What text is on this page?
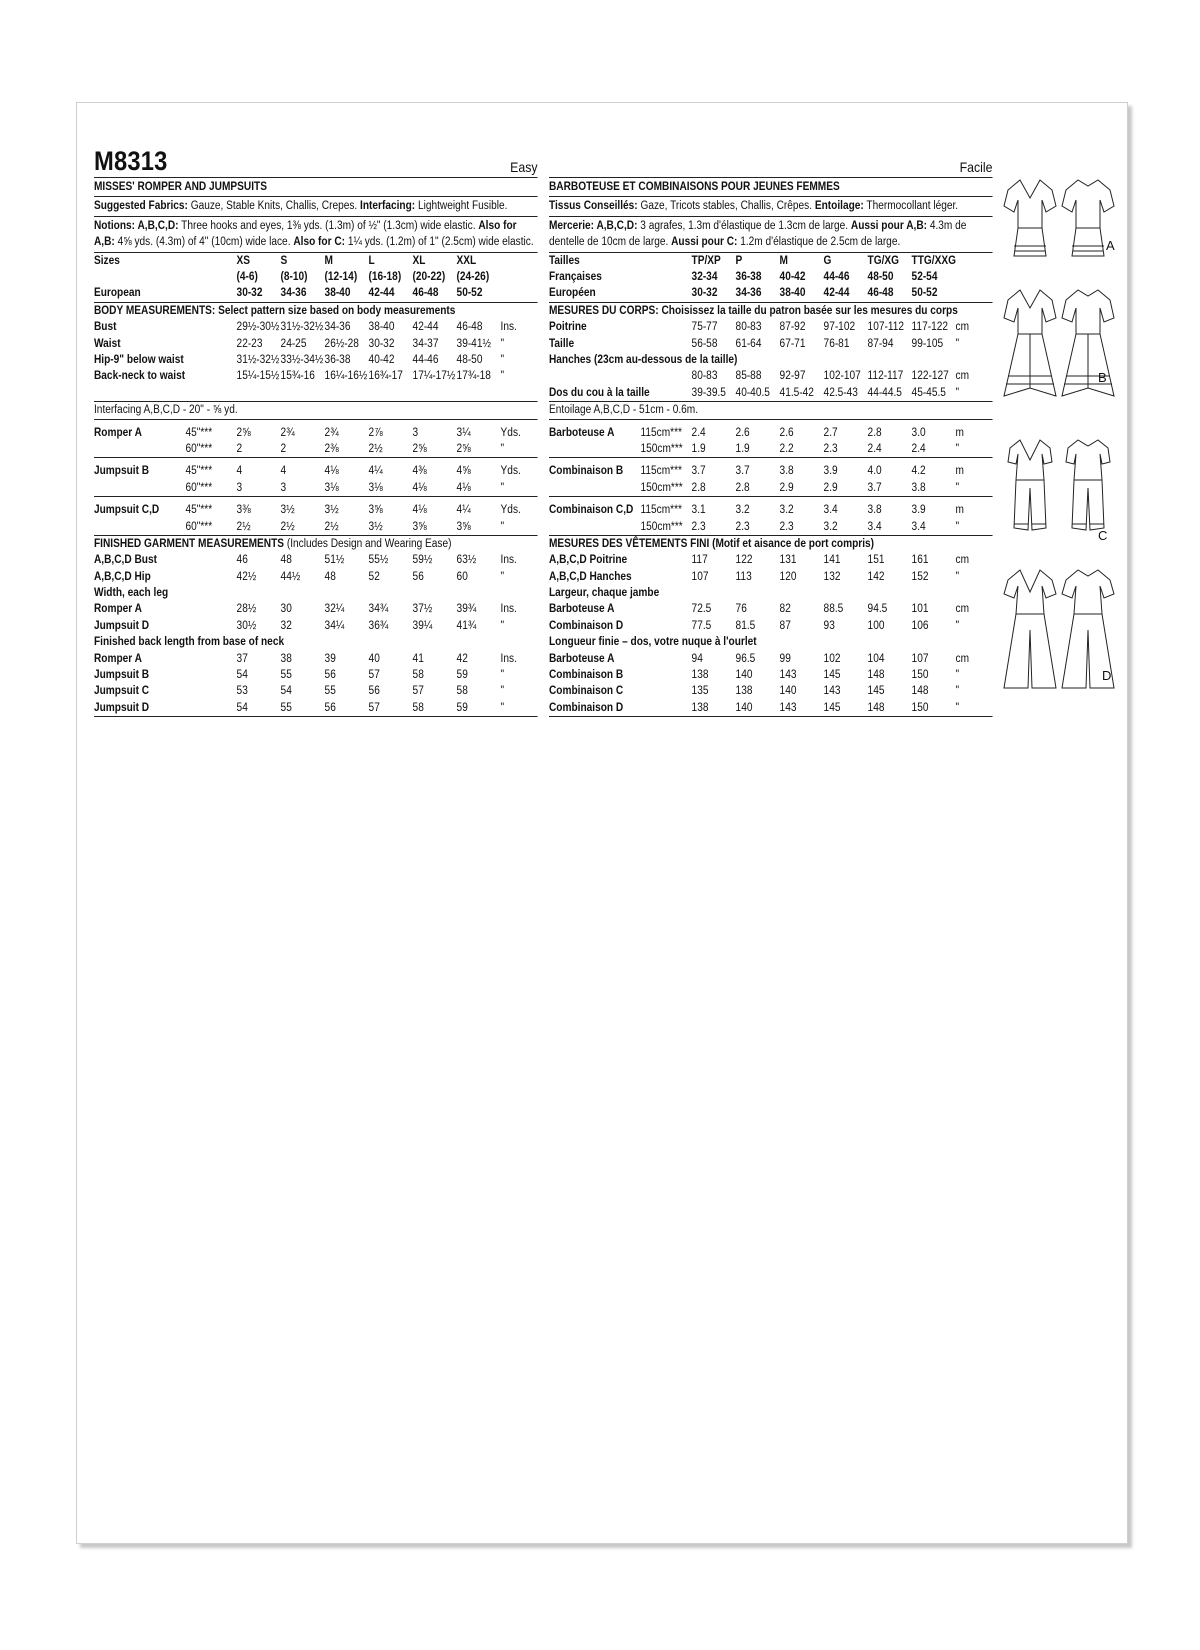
M8313	Easy
MISSES' ROMPER AND JUMPSUITS
Suggested Fabrics: Gauze, Stable Knits, Challis, Crepes. Interfacing: Lightweight Fusible.
Notions: A,B,C,D: Three hooks and eyes, 1⅜ yds. (1.3m) of ½" (1.3cm) wide elastic. Also for A,B: 4⅝ yds. (4.3m) of 4" (10cm) wide lace. Also for C: 1¼ yds. (1.2m) of 1" (2.5cm) wide elastic.
Sizes	XS	S	M	L	XL	XXL
(4-6) (8-10) (12-14) (16-18) (20-22) (24-26)
European	30-32 34-36 38-40 42-44 46-48 50-52
BODY MEASUREMENTS: Select pattern size based on body measurements
Bust	29½-30½ 31½-32½ 34-36 38-40 42-44 46-48 Ins.
Waist	22-23 24-25 26½-28 30-32 34-37 39-41½ "
Hip-9" below waist	31½-32½ 33½-34½ 36-38 40-42 44-46 48-50 "
Back-neck to waist	15¼-15½ 15¾-16 16¼-16½ 16¾-17 17¼-17½ 17¾-18 "
Interfacing A,B,C,D - 20" - ⅝ yd.
Romper A	45"*** 2⅝	2¾	2¾	2⅞	3	3¼	Yds.
60"*** 2	2	2⅜	2½	2⅝	2⅝	"
Jumpsuit B	45"*** 4	4	4⅛	4¼	4⅜	4⅝	Yds.
60"*** 3	3	3⅛	3⅛	4⅛	4⅛	"
Jumpsuit C,D 45"*** 3⅜	3½	3½	3⅝	4⅛	4¼	Yds.
60"*** 2½	2½	2½	3½	3⅝	3⅝	"
FINISHED GARMENT MEASUREMENTS (Includes Design and Wearing Ease)
A,B,C,D Bust	46	48	51½ 55½ 59½ 63½ Ins.
A,B,C,D Hip	42½ 44½ 48	52	56	60	"
Width, each leg
Romper A	28½ 30	32¼ 34¾ 37½ 39¾ Ins.
Jumpsuit D	30½ 32	34¼ 36¾ 39¼ 41¾ "
Finished back length from base of neck
Romper A	37	38	39	40	41	42	Ins.
Jumpsuit B	54	55	56	57	58	59	"
Jumpsuit C	53	54	55	56	57	58	"
Jumpsuit D	54	55	56	57	58	59	"
Facile
BARBOTEUSE ET COMBINAISONS POUR JEUNES FEMMES
Tissus Conseillés: Gaze, Tricots stables, Challis, Crêpes. Entoilage: Thermocollant léger.
Mercerie: A,B,C,D: 3 agrafes, 1.3m d'élastique de 1.3cm de large. Aussi pour A,B: 4.3m de dentelle de 10cm de large. Aussi pour C: 1.2m d'élastique de 2.5cm de large.
Tailles	TP/XP P	M	G	TG/XG TTG/XXG
Françaises	32-34 36-38 40-42 44-46 48-50 52-54
Européen	30-32 34-36 38-40 42-44 46-48 50-52
MESURES DU CORPS: Choisissez la taille du patron basée sur les mesures du corps
Poitrine	75-77 80-83 87-92 97-102 107-112 117-122 cm
Taille	56-58 61-64 67-71 76-81 87-94 99-105 "
Hanches (23cm au-dessous de la taille)
80-83 85-88 92-97 102-107 112-117 122-127 cm
Dos du cou à la taille	39-39.5 40-40.5 41.5-42 42.5-43 44-44.5 45-45.5 "
Entoilage A,B,C,D - 51cm - 0.6m.
Barboteuse A 115cm*** 2.4	2.6	2.6	2.7	2.8	3.0	m
150cm*** 1.9	1.9	2.2	2.3	2.4	2.4	"
Combinaison B 115cm*** 3.7	3.7	3.8	3.9	4.0	4.2	m
150cm*** 2.8	2.8	2.9	2.9	3.7	3.8	"
Combinaison C,D 115cm*** 3.1	3.2	3.2	3.4	3.8	3.9	m
150cm*** 2.3	2.3	2.3	3.2	3.4	3.4	"
MESURES DES VÊTEMENTS FINI (Motif et aisance de port compris)
A,B,C,D Poitrine	117 122 131 141 151 161 cm
A,B,C,D Hanches	107 113 120 132 142 152 "
Largeur, chaque jambe
Barboteuse A	72.5 76	82	88.5 94.5 101 cm
Combinaison D	77.5 81.5 87	93	100 106 "
Longueur finie – dos, votre nuque à l'ourlet
Barboteuse A	94	96.5 99	102 104 107 cm
Combinaison B	138 140 143 145 148 150 "
Combinaison C	135 138 140 143 145 148 "
Combinaison D	138 140 143 145 148 150 "
A
B
C
D
